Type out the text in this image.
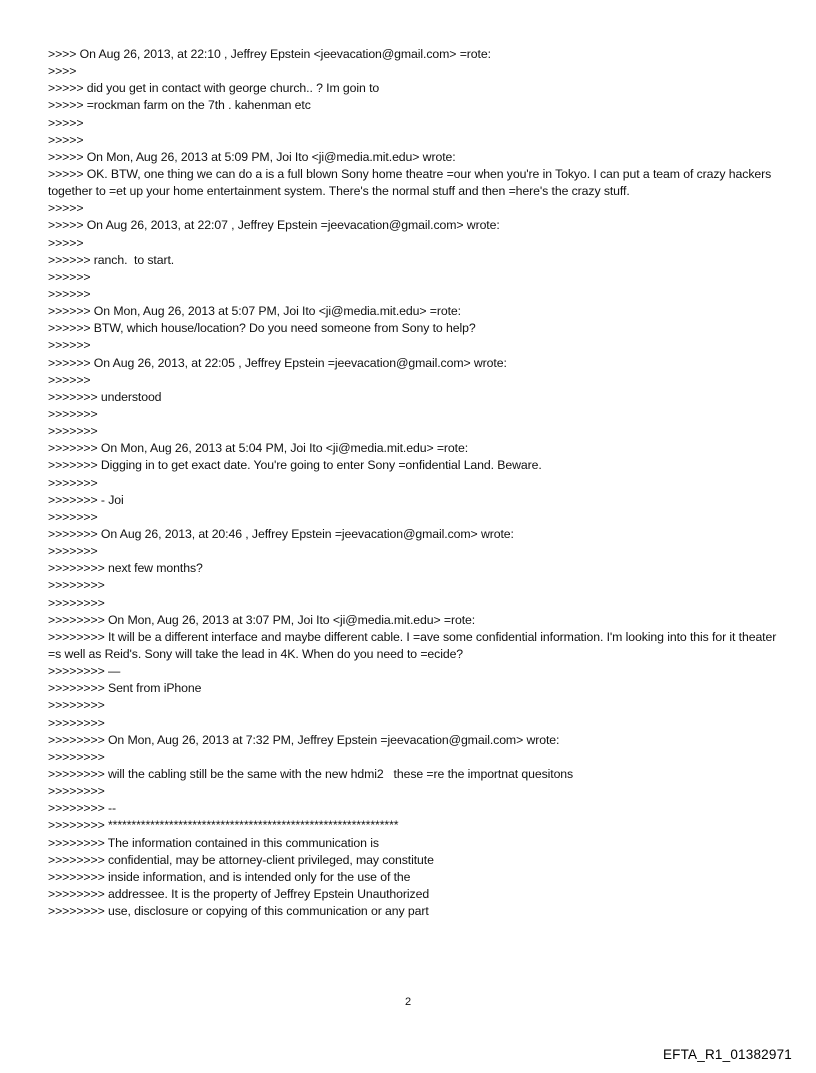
>>>> On Aug 26, 2013, at 22:10 , Jeffrey Epstein <jeevacation@gmail.com> =rote:
>>>>
>>>>> did you get in contact with george church.. ? Im goin to
>>>>> =rockman farm on the 7th . kahenman etc
>>>>>
>>>>>
>>>>> On Mon, Aug 26, 2013 at 5:09 PM, Joi Ito <ji@media.mit.edu> wrote:
>>>>> OK. BTW, one thing we can do a is a full blown Sony home theatre =our when you're in Tokyo. I can put a team of crazy hackers together to =et up your home entertainment system. There's the normal stuff and then =here's the crazy stuff.
>>>>>
>>>>> On Aug 26, 2013, at 22:07 , Jeffrey Epstein =jeevacation@gmail.com> wrote:
>>>>>
>>>>>> ranch.  to start.
>>>>>>
>>>>>>
>>>>>> On Mon, Aug 26, 2013 at 5:07 PM, Joi Ito <ji@media.mit.edu> =rote:
>>>>>> BTW, which house/location? Do you need someone from Sony to help?
>>>>>>
>>>>>> On Aug 26, 2013, at 22:05 , Jeffrey Epstein =jeevacation@gmail.com> wrote:
>>>>>>
>>>>>>> understood
>>>>>>>
>>>>>>>
>>>>>>> On Mon, Aug 26, 2013 at 5:04 PM, Joi Ito <ji@media.mit.edu> =rote:
>>>>>>> Digging in to get exact date. You're going to enter Sony =onfidential Land. Beware.
>>>>>>>
>>>>>>> - Joi
>>>>>>>
>>>>>>> On Aug 26, 2013, at 20:46 , Jeffrey Epstein =jeevacation@gmail.com> wrote:
>>>>>>>
>>>>>>>> next few months?
>>>>>>>>
>>>>>>>>
>>>>>>>> On Mon, Aug 26, 2013 at 3:07 PM, Joi Ito <ji@media.mit.edu> =rote:
>>>>>>>> It will be a different interface and maybe different cable. I =ave some confidential information. I'm looking into this for it theater =s well as Reid's. Sony will take the lead in 4K. When do you need to =ecide?
>>>>>>>> —
>>>>>>>> Sent from iPhone
>>>>>>>>
>>>>>>>>
>>>>>>>> On Mon, Aug 26, 2013 at 7:32 PM, Jeffrey Epstein =jeevacation@gmail.com> wrote:
>>>>>>>>
>>>>>>>> will the cabling still be the same with the new hdmi2   these =re the importnat quesitons
>>>>>>>>
>>>>>>>> --
>>>>>>>> **************************************************************
>>>>>>>> The information contained in this communication is
>>>>>>>> confidential, may be attorney-client privileged, may constitute
>>>>>>>> inside information, and is intended only for the use of the
>>>>>>>> addressee. It is the property of Jeffrey Epstein Unauthorized
>>>>>>>> use, disclosure or copying of this communication or any part
2
EFTA_R1_01382971
